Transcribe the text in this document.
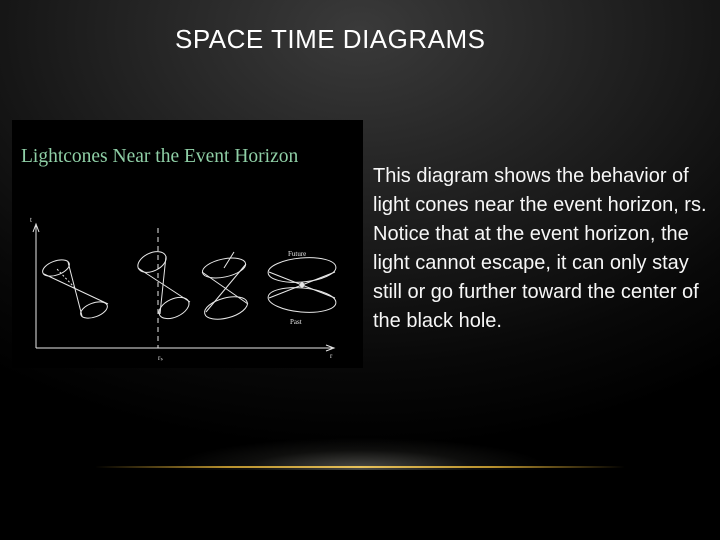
SPACE TIME DIAGRAMS
Lightcones Near the Event Horizon
t
r
rₛ
Future
Past
This diagram shows the behavior of light cones near the event horizon, rs. Notice that at the event horizon, the light cannot escape, it can only stay still or go further toward the center of the black hole.
